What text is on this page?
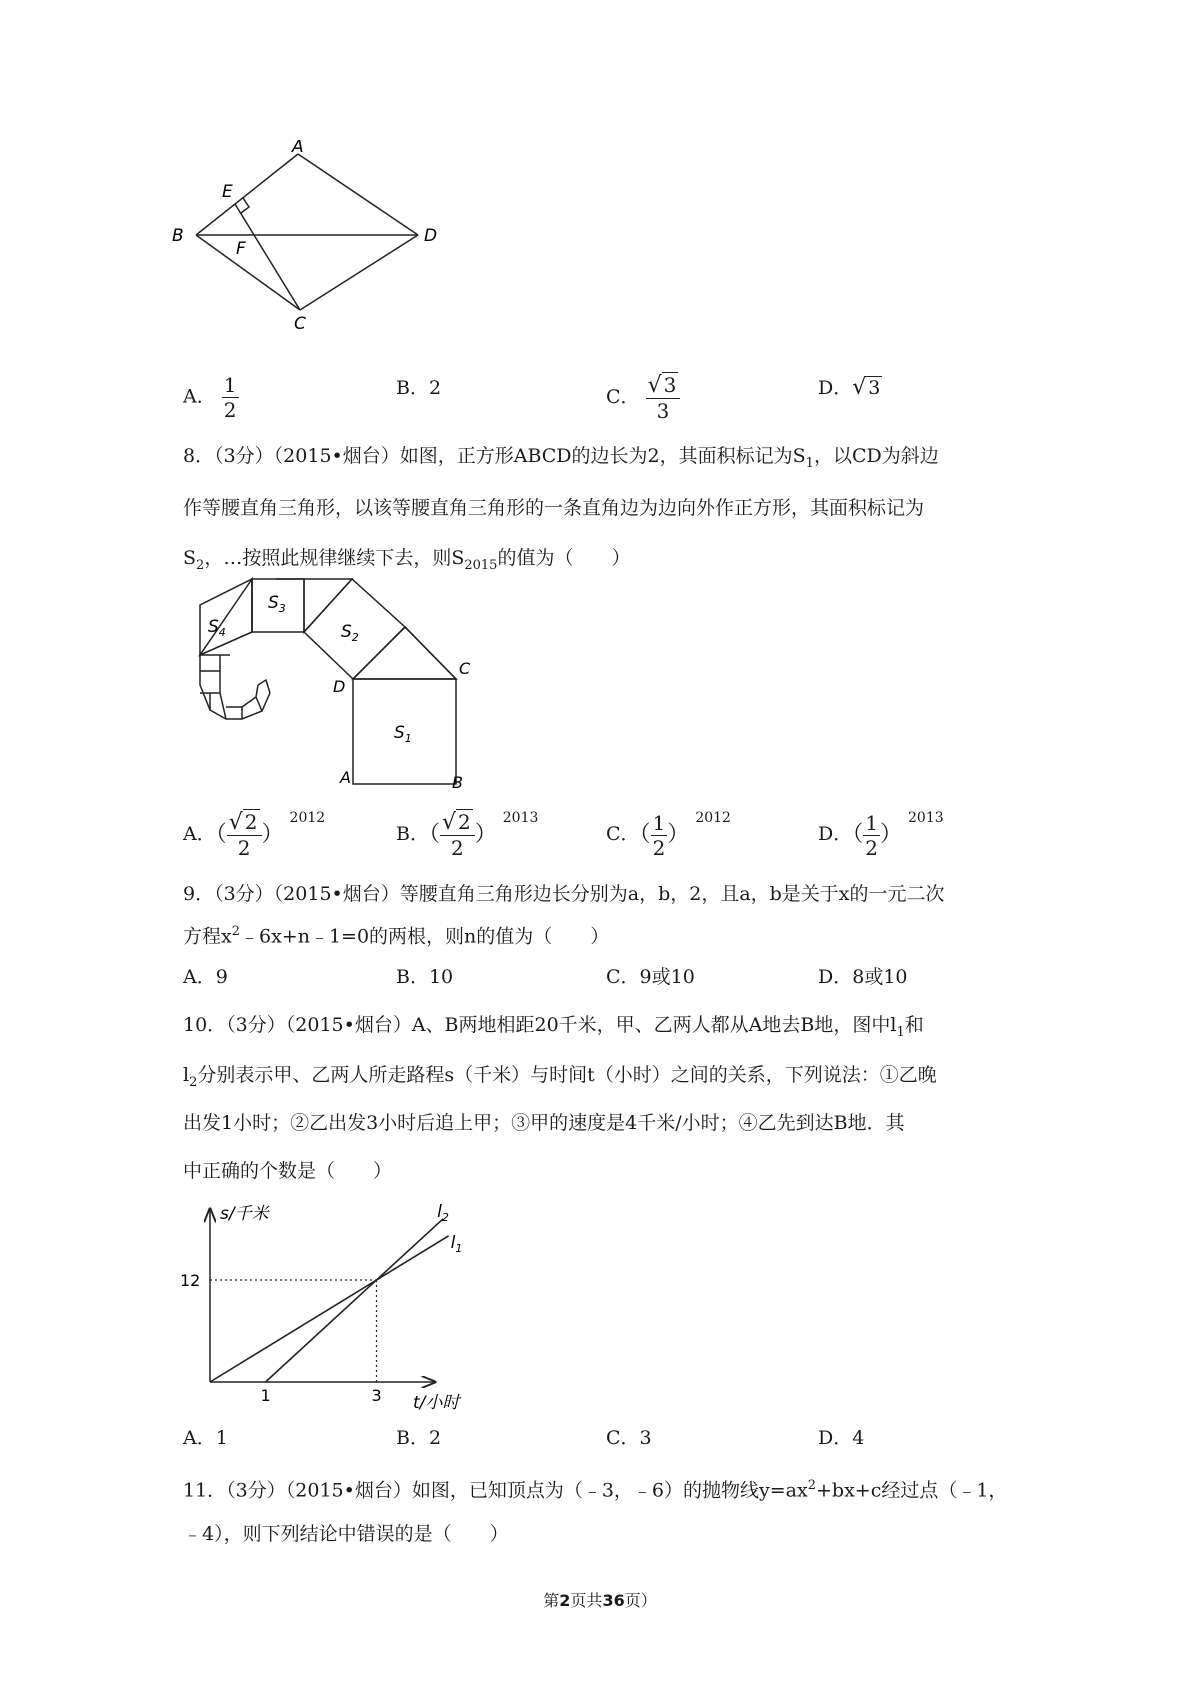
A
B
C
D
E
F
A． $\frac{1}{2}$	B．2	C． $\frac{√ 3}{3}$	D．√ 3
8．（3分）（2015•烟台）如图，正方形ABCD的边长为2，其面积标记为$S_1$，以CD为斜边
作等腰直角三角形，以该等腰直角三角形的一条直角边为边向外作正方形，其面积标记为
$S_2$，…按照此规律继续下去，则$S_{2015}$的值为（　　）
$S_1$
$S_2$
$S_3$
$S_4$
A	B
C
D
A．（ $\frac{√ 2}{2} )^{2012}$
B．（ $\frac{√ 2}{2} )^{2013}$
C．（ $\frac{1}{2} )^{2012}$
D．（ $\frac{1}{2} )^{2013}$
9．（3分）（2015•烟台）等腰直角三角形边长分别为a，b，2，且a，b是关于x的一元二次
方程$x^2﹣6x+n﹣1=0$的两根，则n的值为（　　）
A．9	B．10	C．9或10	D．8或10
10．（3分）（2015•烟台）A、B两地相距20千米，甲、乙两人都从A地去B地，图中$l_1$和
$l_2$分别表示甲、乙两人所走路程s（千米）与时间t（小时）之间的关系，下列说法：①乙晚
出发1小时；②乙出发3小时后追上甲；③甲的速度是4千米/小时；④乙先到达B地．其
中正确的个数是（　　）
s/千米
t/小时
1	3
12
$l_1$
$l_2$
A．1	B．2	C．3	D．4
11．（3分）（2015•烟台）如图，已知顶点为（﹣3，﹣6）的抛物线$y=ax^2+bx+c$经过点（﹣1，
﹣4），则下列结论中错误的是（　　）
第2页共36页）
